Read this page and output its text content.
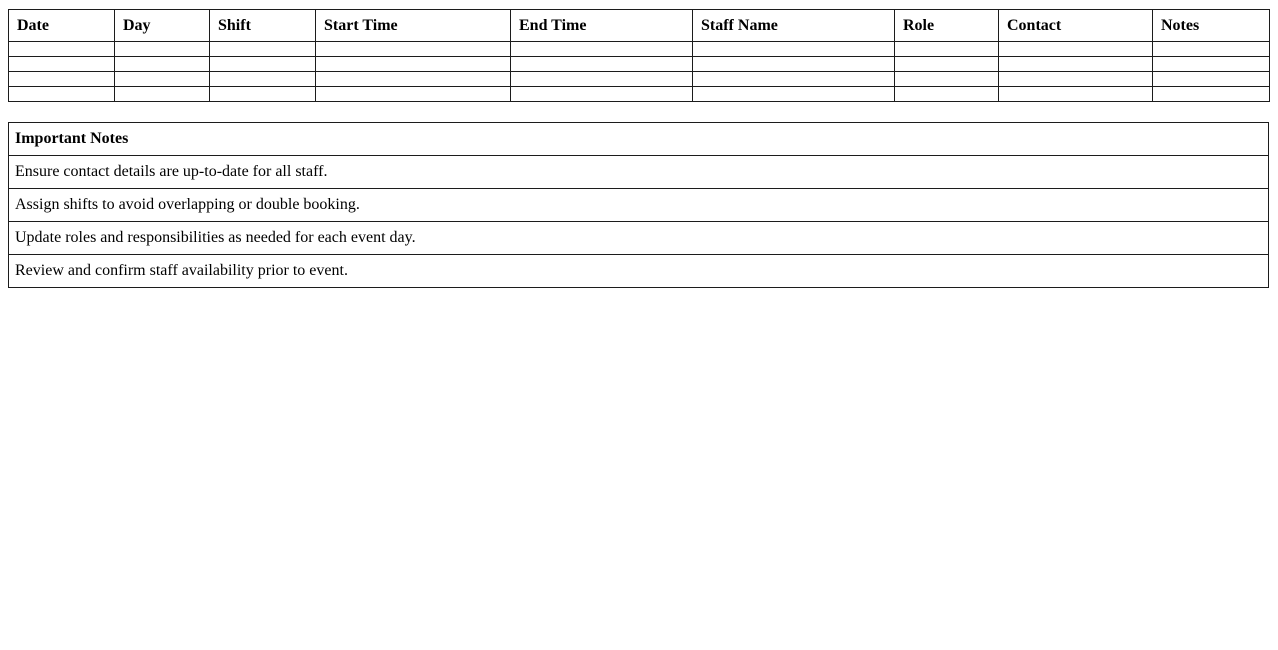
Date	Day	Shift	Start Time	End Time	Staff Name	Role	Contact	Notes

Important Notes
Ensure contact details are up-to-date for all staff.
Assign shifts to avoid overlapping or double booking.
Update roles and responsibilities as needed for each event day.
Review and confirm staff availability prior to event.
